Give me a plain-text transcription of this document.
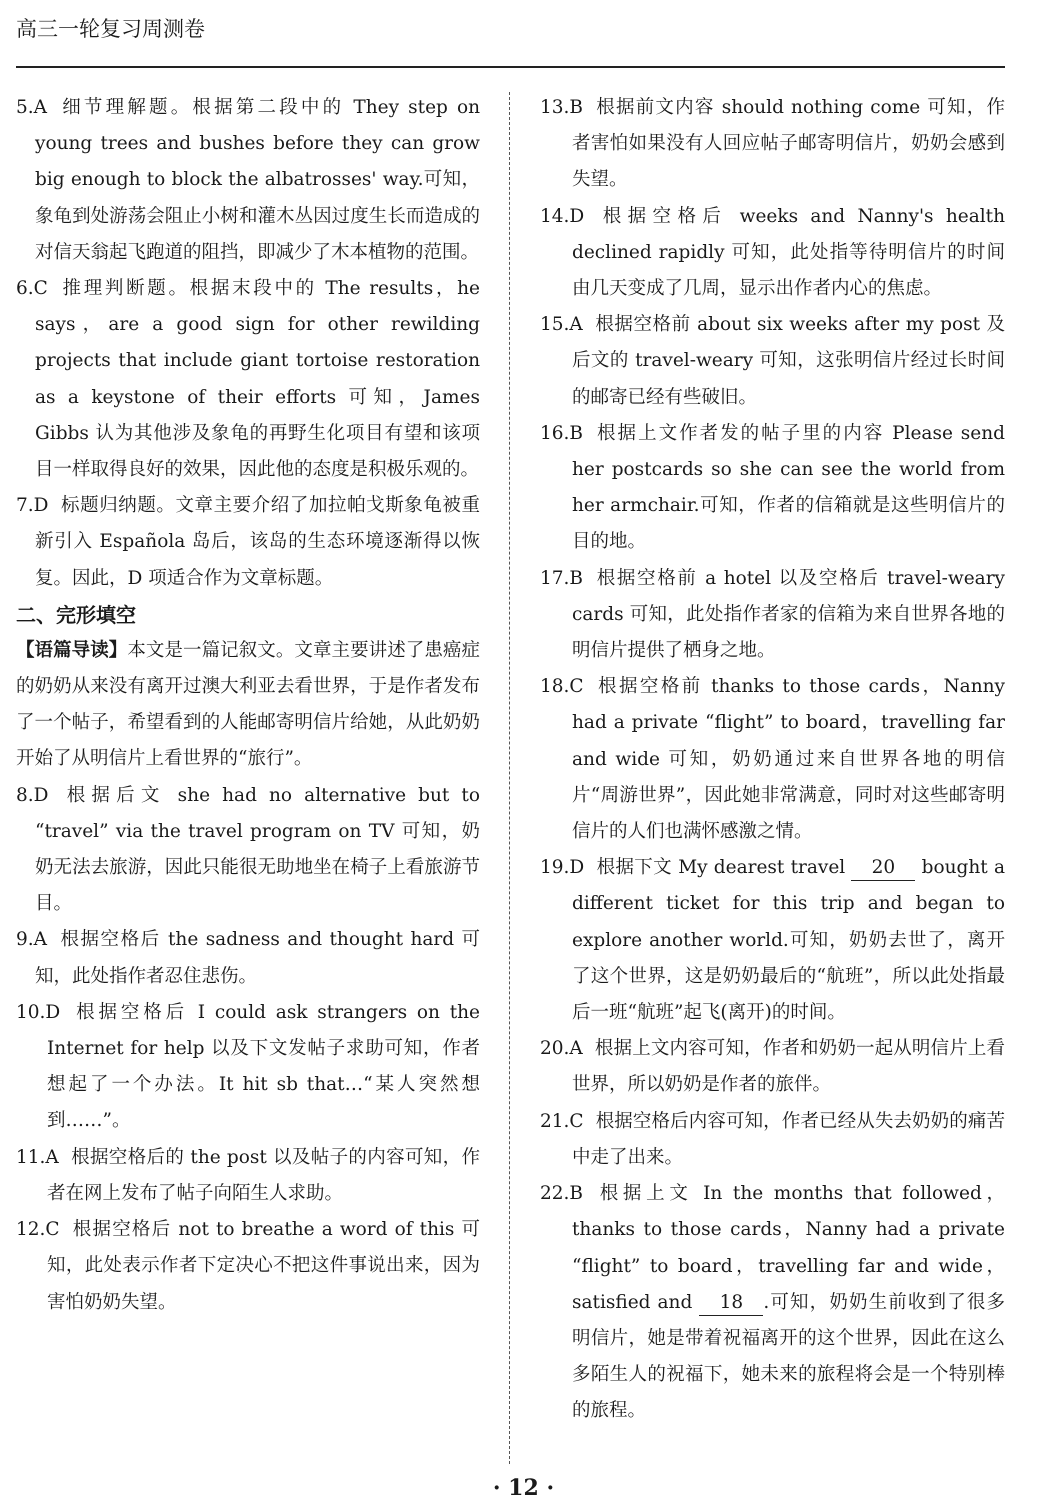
高三一轮复习周测卷

5.A 细节理解题。根据第二段中的 They step on young trees and bushes before they can grow big enough to block the albatrosses' way.可知，象龟到处游荡会阻止小树和灌木丛因过度生长而造成的对信天翁起飞跑道的阻挡，即减少了木本植物的范围。

6.C 推理判断题。根据末段中的 The results，he says，are a good sign for other rewilding projects that include giant tortoise restoration as a keystone of their efforts 可知，James Gibbs 认为其他涉及象龟的再野生化项目有望和该项目一样取得良好的效果，因此他的态度是积极乐观的。

7.D 标题归纳题。文章主要介绍了加拉帕戈斯象龟被重新引入 Española 岛后，该岛的生态环境逐渐得以恢复。因此，D 项适合作为文章标题。

二、完形填空

【语篇导读】本文是一篇记叙文。文章主要讲述了患癌症的奶奶从来没有离开过澳大利亚去看世界，于是作者发布了一个帖子，希望看到的人能邮寄明信片给她，从此奶奶开始了从明信片上看世界的“旅行”。

8.D 根据后文 she had no alternative but to “travel” via the travel program on TV 可知，奶奶无法去旅游，因此只能很无助地坐在椅子上看旅游节目。

9.A 根据空格后 the sadness and thought hard 可知，此处指作者忍住悲伤。

10.D 根据空格后 I could ask strangers on the Internet for help 以及下文发帖子求助可知，作者想起了一个办法。It hit sb that…“某人突然想到……”。

11.A 根据空格后的 the post 以及帖子的内容可知，作者在网上发布了帖子向陌生人求助。

12.C 根据空格后 not to breathe a word of this 可知，此处表示作者下定决心不把这件事说出来，因为害怕奶奶失望。

13.B 根据前文内容 should nothing come 可知，作者害怕如果没有人回应帖子邮寄明信片，奶奶会感到失望。

14.D 根据空格后 weeks and Nanny's health declined rapidly 可知，此处指等待明信片的时间由几天变成了几周，显示出作者内心的焦虑。

15.A 根据空格前 about six weeks after my post 及后文的 travel-weary 可知，这张明信片经过长时间的邮寄已经有些破旧。

16.B 根据上文作者发的帖子里的内容 Please send her postcards so she can see the world from her armchair.可知，作者的信箱就是这些明信片的目的地。

17.B 根据空格前 a hotel 以及空格后 travel-weary cards 可知，此处指作者家的信箱为来自世界各地的明信片提供了栖身之地。

18.C 根据空格前 thanks to those cards，Nanny had a private “flight” to board，travelling far and wide 可知，奶奶通过来自世界各地的明信片“周游世界”，因此她非常满意，同时对这些邮寄明信片的人们也满怀感激之情。

19.D 根据下文 My dearest travel 20 bought a different ticket for this trip and began to explore another world.可知，奶奶去世了，离开了这个世界，这是奶奶最后的“航班”，所以此处指最后一班“航班”起飞(离开)的时间。

20.A 根据上文内容可知，作者和奶奶一起从明信片上看世界，所以奶奶是作者的旅伴。

21.C 根据空格后内容可知，作者已经从失去奶奶的痛苦中走了出来。

22.B 根据上文 In the months that followed，thanks to those cards，Nanny had a private “flight” to board，travelling far and wide，satisfied and 18 .可知，奶奶生前收到了很多明信片，她是带着祝福离开的这个世界，因此在这么多陌生人的祝福下，她未来的旅程将会是一个特别棒的旅程。

· 12 ·
